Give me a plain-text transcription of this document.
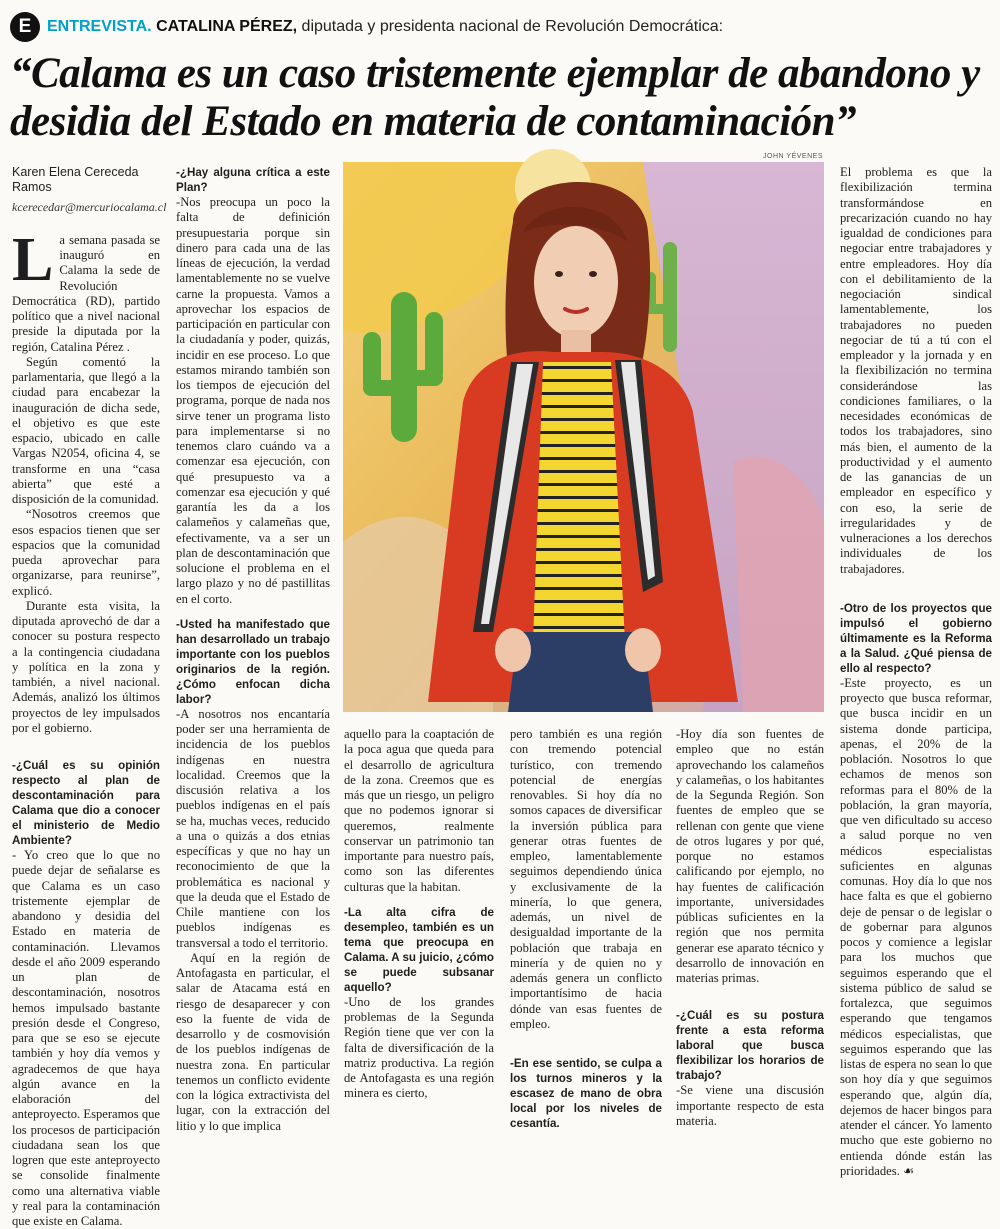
E ENTREVISTA. CATALINA PÉREZ, diputada y presidenta nacional de Revolución Democrática:
“Calama es un caso tristemente ejemplar de abandono y desidia del Estado en materia de contaminación”
Karen Elena Cereceda Ramos
kcerecedar@mercuriocalama.cl

La semana pasada se inauguró en Calama la sede de Revolución Democrática (RD), partido político que a nivel nacional preside la diputada por la región, Catalina Pérez .

Según comentó la parlamentaria, que llegó a la ciudad para encabezar la inauguración de dicha sede, el objetivo es que este espacio, ubicado en calle Vargas N2054, oficina 4, se transforme en una “casa abierta” que esté a disposición de la comunidad.

“Nosotros creemos que esos espacios tienen que ser espacios que la comunidad pueda aprovechar para organizarse, para reunirse”, explicó.

Durante esta visita, la diputada aprovechó de dar a conocer su postura respecto a la contingencia ciudadana y política en la zona y también, a nivel nacional. Además, analizó los últimos proyectos de ley impulsados por el gobierno.

-¿Cuál es su opinión respecto al plan de descontaminación para Calama que dio a conocer el ministerio de Medio Ambiente?

- Yo creo que lo que no puede dejar de señalarse es que Calama es un caso tristemente ejemplar de abandono y desidia del Estado en materia de contaminación. Llevamos desde el año 2009 esperando un plan de descontaminación, nosotros hemos impulsado bastante presión desde el Congreso, para que se eso se ejecute también y hoy día vemos y agradecemos de que haya algún avance en la elaboración del anteproyecto. Esperamos que los procesos de participación ciudadana sean los que logren que este anteproyecto se consolide finalmente como una alternativa viable y real para la contaminación que existe en Calama.

-¿Hay alguna crítica a este Plan?

-Nos preocupa un poco la falta de definición presupuestaria porque sin dinero para cada una de las líneas de ejecución, la verdad lamentablemente no se vuelve carne la propuesta. Vamos a aprovechar los espacios de participación en particular con la ciudadanía y poder, quizás, incidir en ese proceso. Lo que estamos mirando también son los tiempos de ejecución del programa, porque de nada nos sirve tener un programa listo para implementarse si no tenemos claro cuándo va a comenzar esa ejecución, con qué presupuesto va a comenzar esa ejecución y qué garantía les da a los calameños y calameñas que, efectivamente, va a ser un plan de descontaminación que solucione el problema en el largo plazo y no dé pastillitas en el corto.

-Usted ha manifestado que han desarrollado un trabajo importante con los pueblos originarios de la región. ¿Cómo enfocan dicha labor?

-A nosotros nos encantaría poder ser una herramienta de incidencia de los pueblos indígenas en nuestra localidad. Creemos que la discusión relativa a los pueblos indígenas en el país se ha, muchas veces, reducido a una o quizás a dos etnias específicas y que no hay un reconocimiento de que la problemática es nacional y que la deuda que el Estado de Chile mantiene con los pueblos indígenas es transversal a todo el territorio.

Aquí en la región de Antofagasta en particular, el salar de Atacama está en riesgo de desaparecer y con eso la fuente de vida de desarrollo y de cosmovisión de los pueblos indígenas de nuestra zona. En particular tenemos un conflicto evidente con la lógica extractivista del lugar, con la extracción del litio y lo que implica

JOHN YÉVENES

aquello para la coaptación de la poca agua que queda para el desarrollo de agricultura de la zona. Creemos que es más que un riesgo, un peligro que no podemos ignorar si queremos, realmente conservar un patrimonio tan importante para nuestro país, como son las diferentes culturas que la habitan.

-La alta cifra de desempleo, también es un tema que preocupa en Calama. A su juicio, ¿cómo se puede subsanar aquello?

-Uno de los grandes problemas de la Segunda Región tiene que ver con la falta de diversificación de la matriz productiva. La región de Antofagasta es una región minera es cierto,

pero también es una región con tremendo potencial turístico, con tremendo potencial de energías renovables. Si hoy día no somos capaces de diversificar la inversión pública para generar otras fuentes de empleo, lamentablemente seguimos dependiendo única y exclusivamente de la minería, lo que genera, además, un nivel de desigualdad importante de la población que trabaja en minería y de quien no y además genera un conflicto importantísimo de hacia dónde van esas fuentes de empleo.

-En ese sentido, se culpa a los turnos mineros y la escasez de mano de obra local por los niveles de cesantía.

-Hoy día son fuentes de empleo que no están aprovechando los calameños y calameñas, o los habitantes de la Segunda Región. Son fuentes de empleo que se rellenan con gente que viene de otros lugares y por qué, porque no estamos calificando por ejemplo, no hay fuentes de calificación importante, universidades públicas suficientes en la región que nos permita generar ese aparato técnico y desarrollo de innovación en materias primas.

-¿Cuál es su postura frente a esta reforma laboral que busca flexibilizar los horarios de trabajo?

-Se viene una discusión importante respecto de esta materia.

El problema es que la flexibilización termina transformándose en precarización cuando no hay igualdad de condiciones para negociar entre trabajadores y entre empleadores. Hoy día con el debilitamiento de la negociación sindical lamentablemente, los trabajadores no pueden negociar de tú a tú con el empleador y la jornada y en la flexibilización no termina considerándose las condiciones familiares, o la necesidades económicas de todos los trabajadores, sino más bien, el aumento de la productividad y el aumento de las ganancias de un empleador en específico y con eso, la serie de irregularidades y de vulneraciones a los derechos individuales de los trabajadores.

-Otro de los proyectos que impulsó el gobierno últimamente es la Reforma a la Salud. ¿Qué piensa de ello al respecto?

-Este proyecto, es un proyecto que busca reformar, que busca incidir en un sistema donde participa, apenas, el 20% de la población. Nosotros lo que echamos de menos son reformas para el 80% de la población, la gran mayoría, que ven dificultado su acceso a salud porque no ven médicos especialistas suficientes en algunas comunas. Hoy día lo que nos hace falta es que el gobierno deje de pensar o de legislar o de gobernar para algunos pocos y comience a legislar para los muchos que seguimos esperando que el sistema público de salud se fortalezca, que seguimos esperando que tengamos médicos especialistas, que seguimos esperando que las listas de espera no sean lo que son hoy día y que seguimos esperando que, algún día, dejemos de hacer bingos para atender el cáncer. Yo lamento mucho que este gobierno no entienda dónde están las prioridades. ☙
